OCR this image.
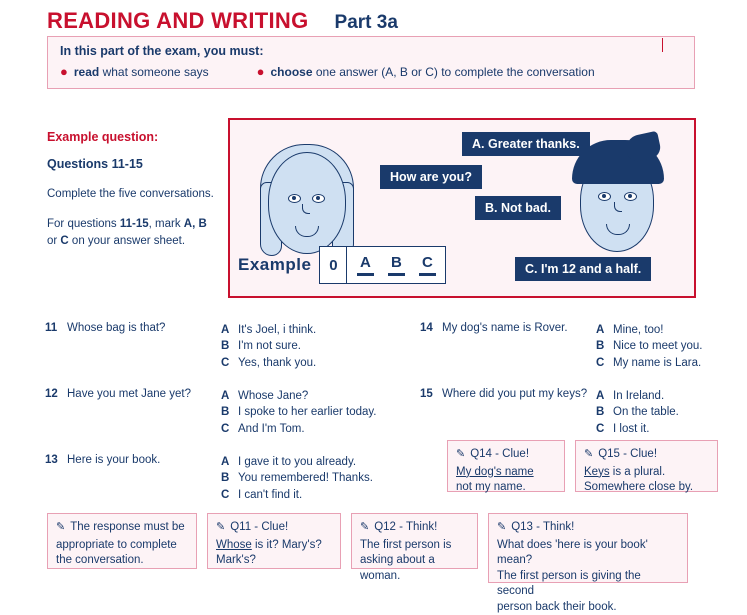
READING AND WRITING Part 3a
In this part of the exam, you must:
● read what someone says	● choose one answer (A, B or C) to complete the conversation
Example question:
Questions 11-15
Complete the five conversations.
For questions 11-15, mark A, B
or C on your answer sheet.
How are you?
A. Greater thanks.
B. Not bad.
C. I'm 12 and a half.
Example	0	A B C
11 Whose bag is that?	A It's Joel, i think.
B I'm not sure.
C Yes, thank you.
12 Have you met Jane yet?	A Whose Jane?
B I spoke to her earlier today.
C And I'm Tom.
13 Here is your book.	A I gave it to you already.
B You remembered! Thanks.
C I can't find it.
14 My dog's name is Rover.	A Mine, too!
B Nice to meet you.
C My name is Lara.
15 Where did you put my keys? A In Ireland.
B On the table.
C I lost it.
✎ Q14 - Clue!
My dog's name
not my name.
✎ Q15 - Clue!
Keys is a plural.
Somewhere close by.
✎ The response must be
appropriate to complete
the conversation.
✎ Q11 - Clue!
Whose is it? Mary's?
Mark's?
✎ Q12 - Think!
The first person is
asking about a woman.
✎ Q13 - Think!
What does 'here is your book' mean?
The first person is giving the second
person back their book.
